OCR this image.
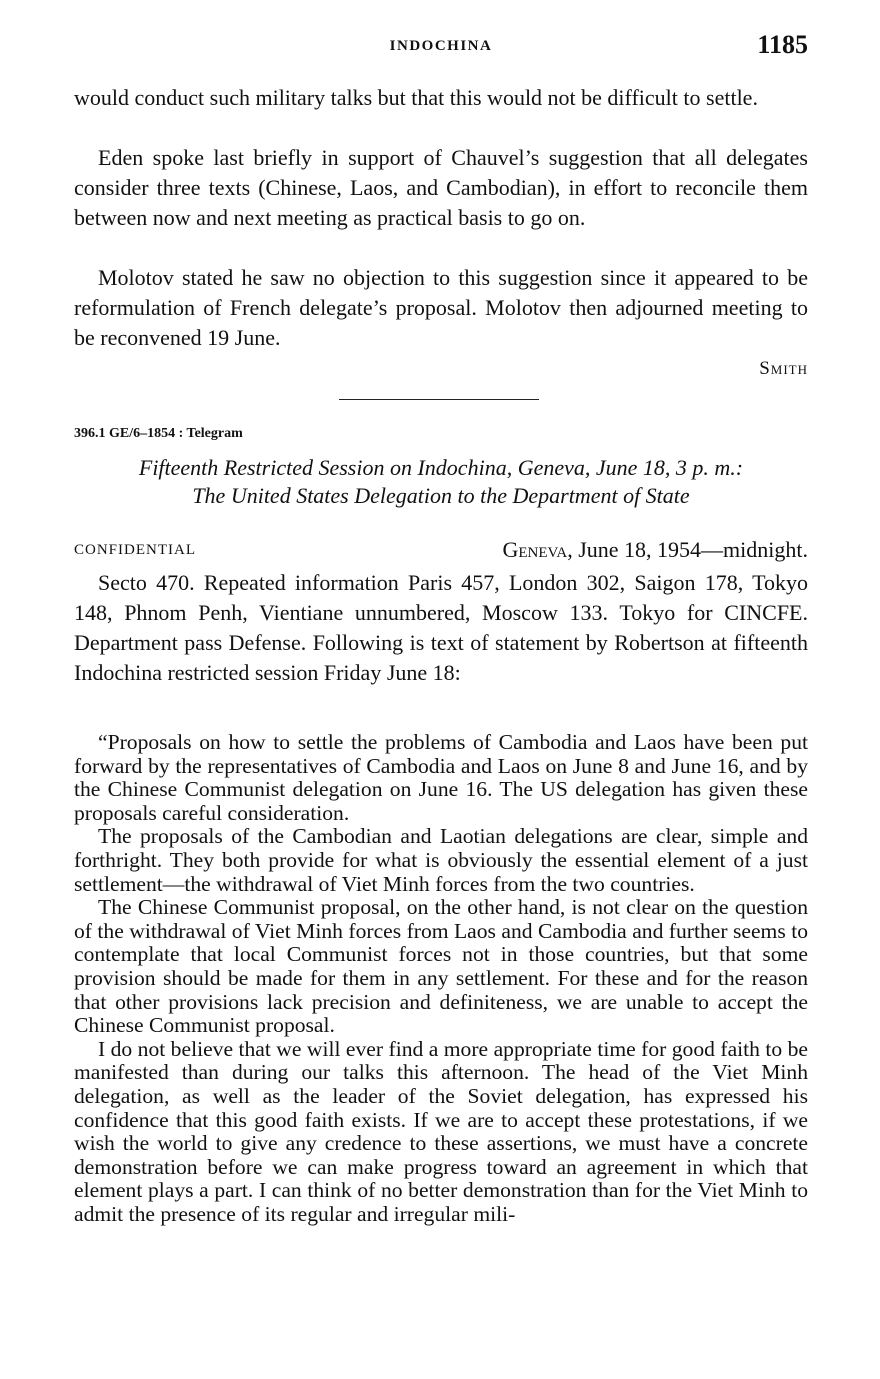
INDOCHINA	1185

would conduct such military talks but that this would not be difficult to settle.

Eden spoke last briefly in support of Chauvel’s suggestion that all delegates consider three texts (Chinese, Laos, and Cambodian), in effort to reconcile them between now and next meeting as practical basis to go on.

Molotov stated he saw no objection to this suggestion since it appeared to be reformulation of French delegate’s proposal. Molotov then adjourned meeting to be reconvened 19 June.

Smith
396.1 GE/6–1854 : Telegram
Fifteenth Restricted Session on Indochina, Geneva, June 18, 3 p. m.:
The United States Delegation to the Department of State
CONFIDENTIAL	Geneva, June 18, 1954—midnight.

Secto 470. Repeated information Paris 457, London 302, Saigon 178, Tokyo 148, Phnom Penh, Vientiane unnumbered, Moscow 133. Tokyo for CINCFE. Department pass Defense. Following is text of statement by Robertson at fifteenth Indochina restricted session Friday June 18:

“Proposals on how to settle the problems of Cambodia and Laos have been put forward by the representatives of Cambodia and Laos on June 8 and June 16, and by the Chinese Communist delegation on June 16. The US delegation has given these proposals careful consideration.

The proposals of the Cambodian and Laotian delegations are clear, simple and forthright. They both provide for what is obviously the essential element of a just settlement—the withdrawal of Viet Minh forces from the two countries.

The Chinese Communist proposal, on the other hand, is not clear on the question of the withdrawal of Viet Minh forces from Laos and Cambodia and further seems to contemplate that local Communist forces not in those countries, but that some provision should be made for them in any settlement. For these and for the reason that other provisions lack precision and definiteness, we are unable to accept the Chinese Communist proposal.

I do not believe that we will ever find a more appropriate time for good faith to be manifested than during our talks this afternoon. The head of the Viet Minh delegation, as well as the leader of the Soviet delegation, has expressed his confidence that this good faith exists. If we are to accept these protestations, if we wish the world to give any credence to these assertions, we must have a concrete demonstration before we can make progress toward an agreement in which that element plays a part. I can think of no better demonstration than for the Viet Minh to admit the presence of its regular and irregular mili-
